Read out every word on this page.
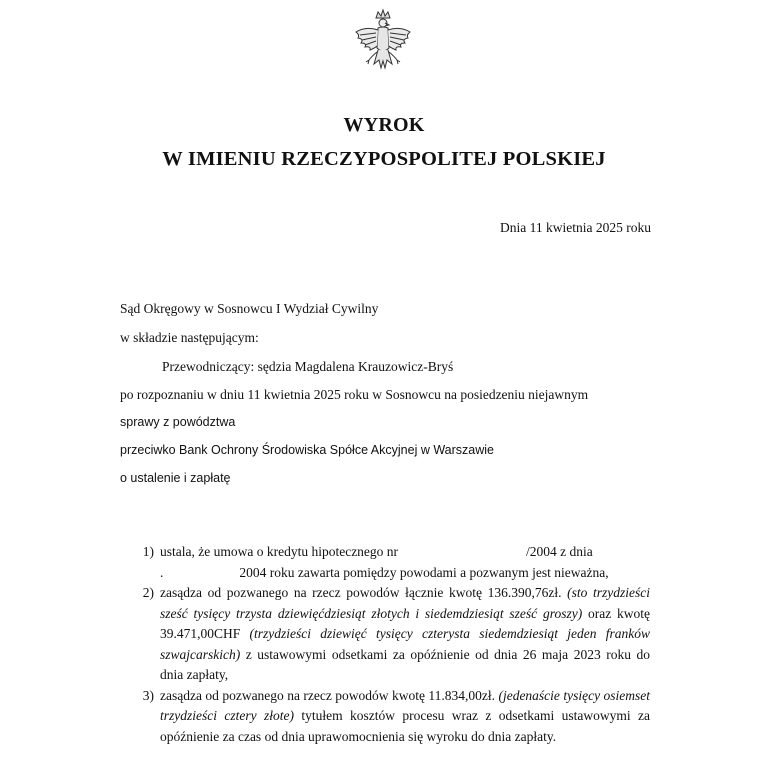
WYROK
W IMIENIU RZECZYPOSPOLITEJ POLSKIEJ
Dnia 11 kwietnia 2025 roku
Sąd Okręgowy w Sosnowcu I Wydział Cywilny
w składzie następującym:
Przewodniczący: sędzia Magdalena Krauzowicz-Bryś
po rozpoznaniu w dniu 11 kwietnia 2025 roku w Sosnowcu na posiedzeniu niejawnym
sprawy z powództwa
przeciwko Bank Ochrony Środowiska Spółce Akcyjnej w Warszawie
o ustalenie i zapłatę
1) ustala, że umowa o kredytu hipotecznego nr	/2004 z dnia
.	2004 roku zawarta pomiędzy powodami a pozwanym jest nieważna,

2) zasądza od pozwanego na rzecz powodów łącznie kwotę 136.390,76zł. (sto trzydzieści sześć tysięcy trzysta dziewięćdziesiąt złotych i siedemdziesiąt sześć groszy) oraz kwotę 39.471,00CHF (trzydzieści dziewięć tysięcy czterysta siedemdziesiąt jeden franków szwajcarskich) z ustawowymi odsetkami za opóźnienie od dnia 26 maja 2023 roku do dnia zapłaty,

3) zasądza od pozwanego na rzecz powodów kwotę 11.834,00zł. (jedenaście tysięcy osiemset trzydzieści cztery złote) tytułem kosztów procesu wraz z odsetkami ustawowymi za opóźnienie za czas od dnia uprawomocnienia się wyroku do dnia zapłaty.
